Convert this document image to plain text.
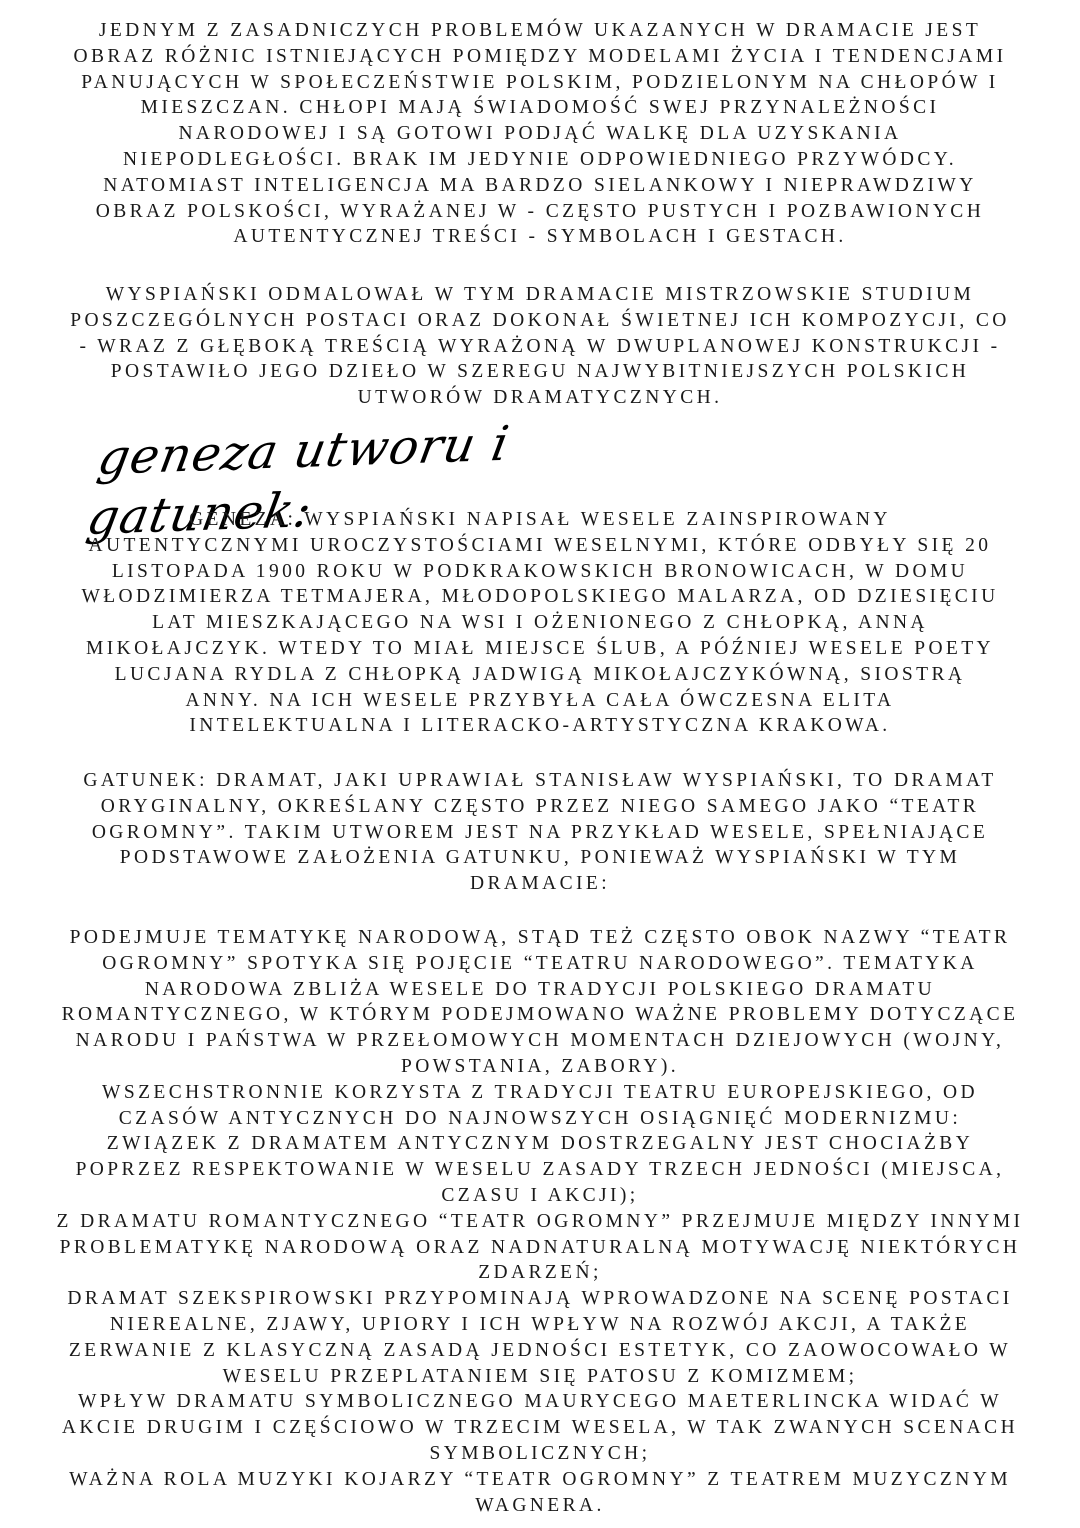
JEDNYM Z ZASADNICZYCH PROBLEMÓW UKAZANYCH W DRAMACIE JEST
OBRAZ RÓŻNIC ISTNIEJĄCYCH POMIĘDZY MODELAMI ŻYCIA I TENDENCJAMI
PANUJĄCYCH W SPOŁECZEŃSTWIE POLSKIM, PODZIELONYM NA CHŁOPÓW I
MIESZCZAN. CHŁOPI MAJĄ ŚWIADOMOŚĆ SWEJ PRZYNALEŻNOŚCI
NARODOWEJ I SĄ GOTOWI PODJĄĆ WALKĘ DLA UZYSKANIA
NIEPODLEGŁOŚCI. BRAK IM JEDYNIE ODPOWIEDNIEGO PRZYWÓDCY.
NATOMIAST INTELIGENCJA MA BARDZO SIELANKOWY I NIEPRAWDZIWY
OBRAZ POLSKOŚCI, WYRAŻANEJ W - CZĘSTO PUSTYCH I POZBAWIONYCH
AUTENTYCZNEJ TREŚCI - SYMBOLACH I GESTACH.

WYSPIAŃSKI ODMALOWAŁ W TYM DRAMACIE MISTRZOWSKIE STUDIUM
POSZCZEGÓLNYCH POSTACI ORAZ DOKONAŁ ŚWIETNEJ ICH KOMPOZYCJI, CO
- WRAZ Z GŁĘBOKĄ TREŚCIĄ WYRAŻONĄ W DWUPLANOWEJ KONSTRUKCJI -
POSTAWIŁO JEGO DZIEŁO W SZEREGU NAJWYBITNIEJSZYCH POLSKICH
UTWORÓW DRAMATYCZNYCH.

geneza utworu i gatunek:

GENEZA: WYSPIAŃSKI NAPISAŁ WESELE ZAINSPIROWANY
AUTENTYCZNYMI UROCZYSTOŚCIAMI WESELNYMI, KTÓRE ODBYŁY SIĘ 20
LISTOPADA 1900 ROKU W PODKRAKOWSKICH BRONOWICACH, W DOMU
WŁODZIMIERZA TETMAJERA, MŁODOPOLSKIEGO MALARZA, OD DZIESIĘCIU
LAT MIESZKAJĄCEGO NA WSI I OŻENIONEGO Z CHŁOPKĄ, ANNĄ
MIKOŁAJCZYK. WTEDY TO MIAŁ MIEJSCE ŚLUB, A PÓŹNIEJ WESELE POETY
LUCJANA RYDLA Z CHŁOPKĄ JADWIGĄ MIKOŁAJCZYKÓWNĄ, SIOSTRĄ
ANNY. NA ICH WESELE PRZYBYŁA CAŁA ÓWCZESNA ELITA
INTELEKTUALNA I LITERACKO-ARTYSTYCZNA KRAKOWA.

GATUNEK: DRAMAT, JAKI UPRAWIAŁ STANISŁAW WYSPIAŃSKI, TO DRAMAT
ORYGINALNY, OKREŚLANY CZĘSTO PRZEZ NIEGO SAMEGO JAKO “TEATR
OGROMNY”. TAKIM UTWOREM JEST NA PRZYKŁAD WESELE, SPEŁNIAJĄCE
PODSTAWOWE ZAŁOŻENIA GATUNKU, PONIEWAŻ WYSPIAŃSKI W TYM
DRAMACIE:

PODEJMUJE TEMATYKĘ NARODOWĄ, STĄD TEŻ CZĘSTO OBOK NAZWY “TEATR
OGROMNY” SPOTYKA SIĘ POJĘCIE “TEATRU NARODOWEGO”. TEMATYKA
NARODOWA ZBLIŻA WESELE DO TRADYCJI POLSKIEGO DRAMATU
ROMANTYCZNEGO, W KTÓRYM PODEJMOWANO WAŻNE PROBLEMY DOTYCZĄCE
NARODU I PAŃSTWA W PRZEŁOMOWYCH MOMENTACH DZIEJOWYCH (WOJNY,
POWSTANIA, ZABORY).
WSZECHSTRONNIE KORZYSTA Z TRADYCJI TEATRU EUROPEJSKIEGO, OD
CZASÓW ANTYCZNYCH DO NAJNOWSZYCH OSIĄGNIĘĆ MODERNIZMU:
ZWIĄZEK Z DRAMATEM ANTYCZNYM DOSTRZEGALNY JEST CHOCIAŻBY
POPRZEZ RESPEKTOWANIE W WESELU ZASADY TRZECH JEDNOŚCI (MIEJSCA,
CZASU I AKCJI);
Z DRAMATU ROMANTYCZNEGO “TEATR OGROMNY” PRZEJMUJE MIĘDZY INNYMI
PROBLEMATYKĘ NARODOWĄ ORAZ NADNATURALNĄ MOTYWACJĘ NIEKTÓRYCH
ZDARZEŃ;
DRAMAT SZEKSPIROWSKI PRZYPOMINAJĄ WPROWADZONE NA SCENĘ POSTACI
NIEREALNE, ZJAWY, UPIORY I ICH WPŁYW NA ROZWÓJ AKCJI, A TAKŻE
ZERWANIE Z KLASYCZNĄ ZASADĄ JEDNOŚCI ESTETYK, CO ZAOWOCOWAŁO W
WESELU PRZEPLATANIEM SIĘ PATOSU Z KOMIZMEM;
WPŁYW DRAMATU SYMBOLICZNEGO MAURYCEGO MAETERLINCKA WIDAĆ W
AKCIE DRUGIM I CZĘŚCIOWO W TRZECIM WESELA, W TAK ZWANYCH SCENACH
SYMBOLICZNYCH;
WAŻNA ROLA MUZYKI KOJARZY “TEATR OGROMNY” Z TEATREM MUZYCZNYM
WAGNERA.
